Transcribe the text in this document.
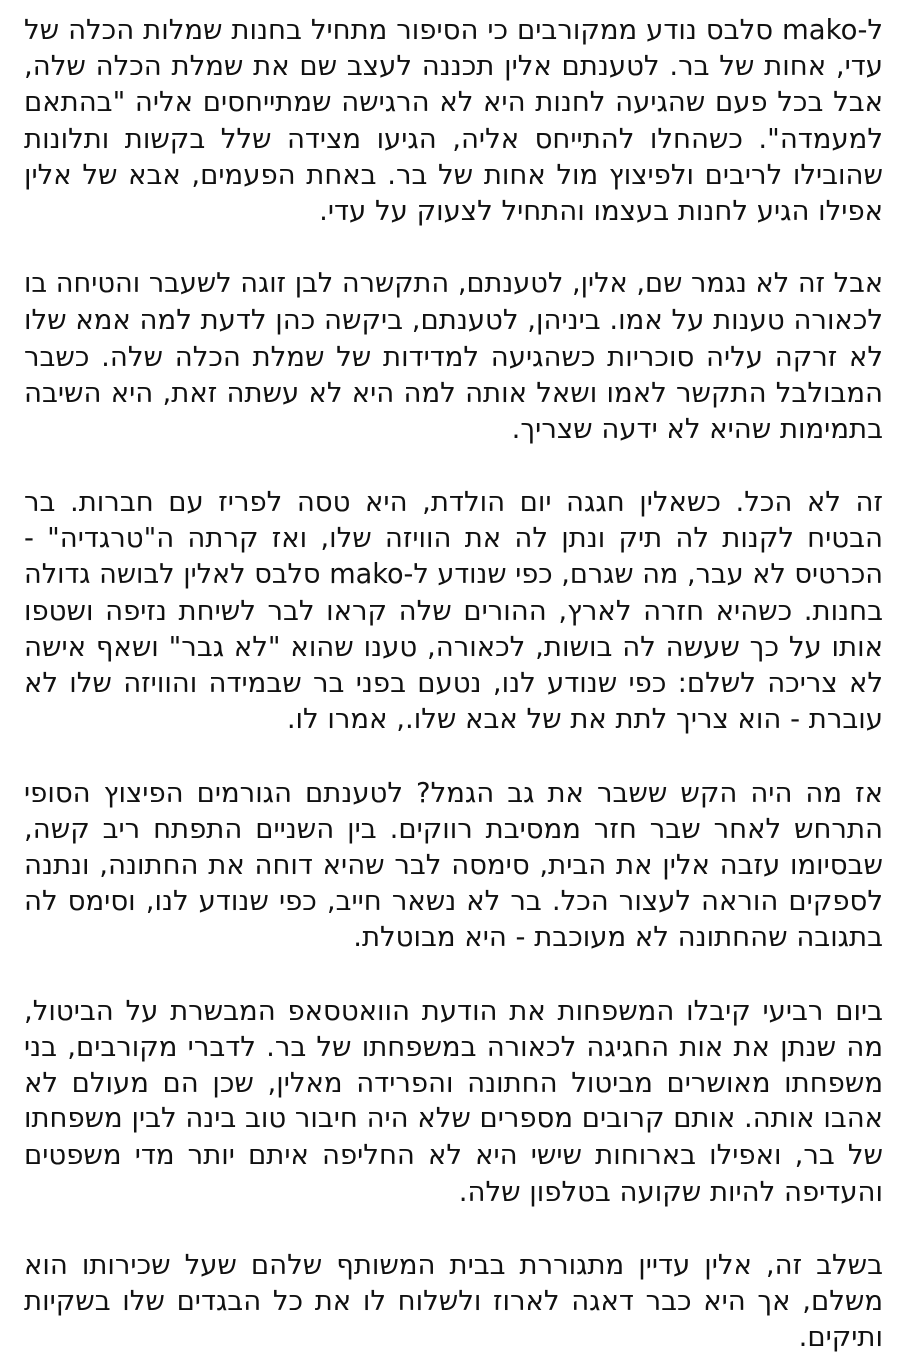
ל-mako סלבס נודע ממקורבים כי הסיפור מתחיל בחנות שמלות הכלה של
עדי, אחות של בר. לטענתם אלין תכננה לעצב שם את שמלת הכלה שלה,
אבל בכל פעם שהגיעה לחנות היא לא הרגישה שמתייחסים אליה "בהתאם
למעמדה". כשהחלו להתייחס אליה, הגיעו מצידה שלל בקשות ותלונות
שהובילו לריבים ולפיצוץ מול אחות של בר. באחת הפעמים, אבא של אלין
אפילו הגיע לחנות בעצמו והתחיל לצעוק על עדי.

אבל זה לא נגמר שם, אלין, לטענתם, התקשרה לבן זוגה לשעבר והטיחה בו
לכאורה טענות על אמו. ביניהן, לטענתם, ביקשה כהן לדעת למה אמא שלו
לא זרקה עליה סוכריות כשהגיעה למדידות של שמלת הכלה שלה. כשבר
המבולבל התקשר לאמו ושאל אותה למה היא לא עשתה זאת, היא השיבה
בתמימות שהיא לא ידעה שצריך.

זה לא הכל. כשאלין חגגה יום הולדת, היא טסה לפריז עם חברות. בר
הבטיח לקנות לה תיק ונתן לה את הוויזה שלו, ואז קרתה ה"טרגדיה" -
הכרטיס לא עבר, מה שגרם, כפי שנודע ל-mako סלבס לאלין לבושה גדולה
בחנות. כשהיא חזרה לארץ, ההורים שלה קראו לבר לשיחת נזיפה ושטפו
אותו על כך שעשה לה בושות, לכאורה, טענו שהוא "לא גבר" ושאף אישה
לא צריכה לשלם: כפי שנודע לנו, נטעם בפני בר שבמידה והוויזה שלו לא
עוברת - הוא צריך לתת את של אבא שלו., אמרו לו.

אז מה היה הקש ששבר את גב הגמל? לטענתם הגורמים הפיצוץ הסופי
התרחש לאחר שבר חזר ממסיבת רווקים. בין השניים התפתח ריב קשה,
שבסיומו עזבה אלין את הבית, סימסה לבר שהיא דוחה את החתונה, ונתנה
לספקים הוראה לעצור הכל. בר לא נשאר חייב, כפי שנודע לנו, וסימס לה
בתגובה שהחתונה לא מעוכבת - היא מבוטלת.

ביום רביעי קיבלו המשפחות את הודעת הוואטסאפ המבשרת על הביטול,
מה שנתן את אות החגיגה לכאורה במשפחתו של בר. לדברי מקורבים, בני
משפחתו מאושרים מביטול החתונה והפרידה מאלין, שכן הם מעולם לא
אהבו אותה. אותם קרובים מספרים שלא היה חיבור טוב בינה לבין משפחתו
של בר, ואפילו בארוחות שישי היא לא החליפה איתם יותר מדי משפטים
והעדיפה להיות שקועה בטלפון שלה.

בשלב זה, אלין עדיין מתגוררת בבית המשותף שלהם שעל שכירותו הוא
משלם, אך היא כבר דאגה לארוז ולשלוח לו את כל הבגדים שלו בשקיות
ותיקים.
